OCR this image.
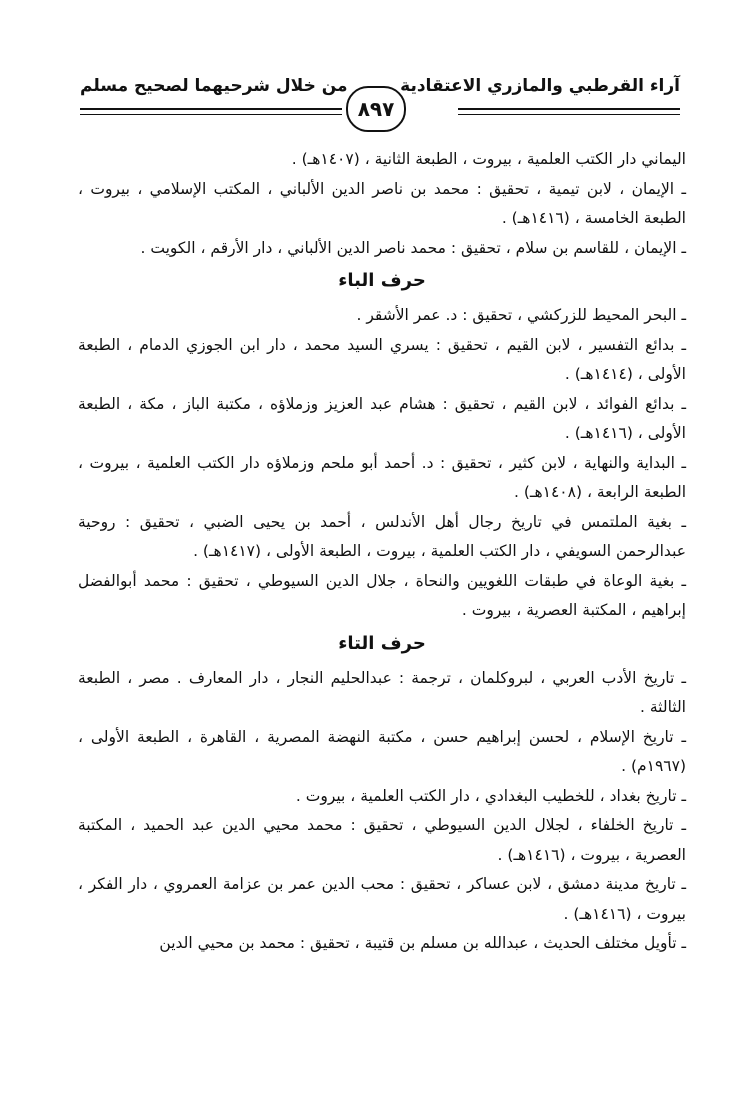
آراء القرطبي والمازري الاعتقادية
من خلال شرحيهما لصحيح مسلم
٨٩٧

اليماني دار الكتب العلمية ، بيروت ، الطبعة الثانية ، (١٤٠٧هـ) .

ـ الإيمان ، لابن تيمية ، تحقيق : محمد بن ناصر الدين الألباني ، المكتب الإسلامي ، بيروت ، الطبعة الخامسة ، (١٤١٦هـ) .

ـ الإيمان ، للقاسم بن سلام ، تحقيق : محمد ناصر الدين الألباني ، دار الأرقم ، الكويت .

حرف الباء

ـ البحر المحيط للزركشي ، تحقيق : د. عمر الأشقر .

ـ بدائع التفسير ، لابن القيم ، تحقيق : يسري السيد محمد ، دار ابن الجوزي الدمام ، الطبعة الأولى ، (١٤١٤هـ) .

ـ بدائع الفوائد ، لابن القيم ، تحقيق : هشام عبد العزيز وزملاؤه ، مكتبة الباز ، مكة ، الطبعة الأولى ، (١٤١٦هـ) .

ـ البداية والنهاية ، لابن كثير ، تحقيق : د. أحمد أبو ملحم وزملاؤه دار الكتب العلمية ، بيروت ، الطبعة الرابعة ، (١٤٠٨هـ) .

ـ بغية الملتمس في تاريخ رجال أهل الأندلس ، أحمد بن يحيى الضبي ، تحقيق : روحية عبدالرحمن السويفي ، دار الكتب العلمية ، بيروت ، الطبعة الأولى ، (١٤١٧هـ) .

ـ بغية الوعاة في طبقات اللغويين والنحاة ، جلال الدين السيوطي ، تحقيق : محمد أبوالفضل إبراهيم ، المكتبة العصرية ، بيروت .

حرف التاء

ـ تاريخ الأدب العربي ، لبروكلمان ، ترجمة : عبدالحليم النجار ، دار المعارف . مصر ، الطبعة الثالثة .

ـ تاريخ الإسلام ، لحسن إبراهيم حسن ، مكتبة النهضة المصرية ، القاهرة ، الطبعة الأولى ، (١٩٦٧م) .

ـ تاريخ بغداد ، للخطيب البغدادي ، دار الكتب العلمية ، بيروت .

ـ تاريخ الخلفاء ، لجلال الدين السيوطي ، تحقيق : محمد محيي الدين عبد الحميد ، المكتبة العصرية ، بيروت ، (١٤١٦هـ) .

ـ تاريخ مدينة دمشق ، لابن عساكر ، تحقيق : محب الدين عمر بن عزامة العمروي ، دار الفكر ، بيروت ، (١٤١٦هـ) .

ـ تأويل مختلف الحديث ، عبدالله بن مسلم بن قتيبة ، تحقيق : محمد بن محيي الدين
